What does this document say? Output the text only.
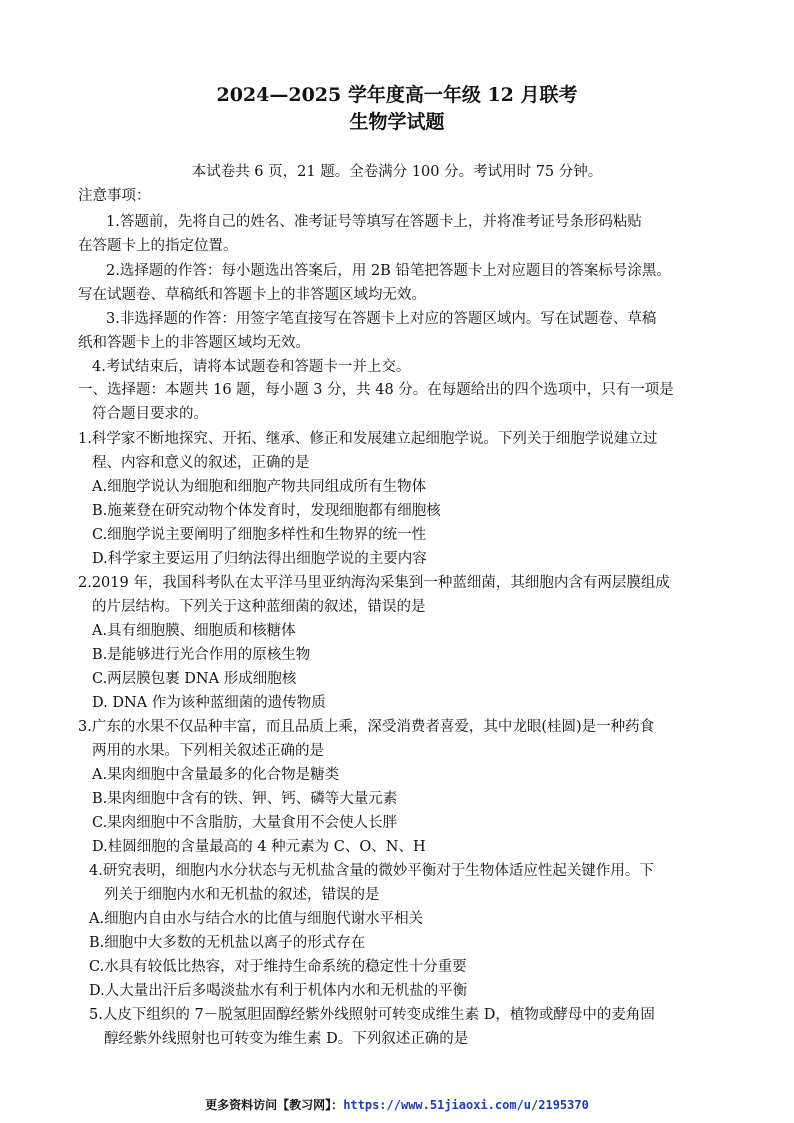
2024—2025 学年度高一年级 12 月联考
生物学试题
本试卷共 6 页，21 题。全卷满分 100 分。考试用时 75 分钟。
注意事项：
1.答题前，先将自己的姓名、准考证号等填写在答题卡上，并将准考证号条形码粘贴
在答题卡上的指定位置。
2.选择题的作答：每小题选出答案后，用 2B 铅笔把答题卡上对应题目的答案标号涂黑。
写在试题卷、草稿纸和答题卡上的非答题区域均无效。
3.非选择题的作答：用签字笔直接写在答题卡上对应的答题区域内。写在试题卷、草稿
纸和答题卡上的非答题区域均无效。
4.考试结束后，请将本试题卷和答题卡一并上交。
一、选择题：本题共 16 题，每小题 3 分，共 48 分。在每题给出的四个选项中，只有一项是
符合题目要求的。
1.科学家不断地探究、开拓、继承、修正和发展建立起细胞学说。下列关于细胞学说建立过
程、内容和意义的叙述，正确的是
A.细胞学说认为细胞和细胞产物共同组成所有生物体
B.施莱登在研究动物个体发育时，发现细胞都有细胞核
C.细胞学说主要阐明了细胞多样性和生物界的统一性
D.科学家主要运用了归纳法得出细胞学说的主要内容
2.2019 年，我国科考队在太平洋马里亚纳海沟采集到一种蓝细菌，其细胞内含有两层膜组成
的片层结构。下列关于这种蓝细菌的叙述，错误的是
A.具有细胞膜、细胞质和核糖体
B.是能够进行光合作用的原核生物
C.两层膜包裹 DNA 形成细胞核
D. DNA 作为该种蓝细菌的遗传物质
3.广东的水果不仅品种丰富，而且品质上乘，深受消费者喜爱，其中龙眼(桂圆)是一种药食
两用的水果。下列相关叙述正确的是
A.果肉细胞中含量最多的化合物是糖类
B.果肉细胞中含有的铁、钾、钙、磷等大量元素
C.果肉细胞中不含脂肪，大量食用不会使人长胖
D.桂圆细胞的含量最高的 4 种元素为 C、O、N、H
4.研究表明，细胞内水分状态与无机盐含量的微妙平衡对于生物体适应性起关键作用。下
列关于细胞内水和无机盐的叙述，错误的是
A.细胞内自由水与结合水的比值与细胞代谢水平相关
B.细胞中大多数的无机盐以离子的形式存在
C.水具有较低比热容，对于维持生命系统的稳定性十分重要
D.人大量出汗后多喝淡盐水有利于机体内水和无机盐的平衡
5.人皮下组织的 7－脱氢胆固醇经紫外线照射可转变成维生素 D，植物或酵母中的麦角固
醇经紫外线照射也可转变为维生素 D。下列叙述正确的是
更多资料访问【教习网】：https://www.51jiaoxi.com/u/2195370
